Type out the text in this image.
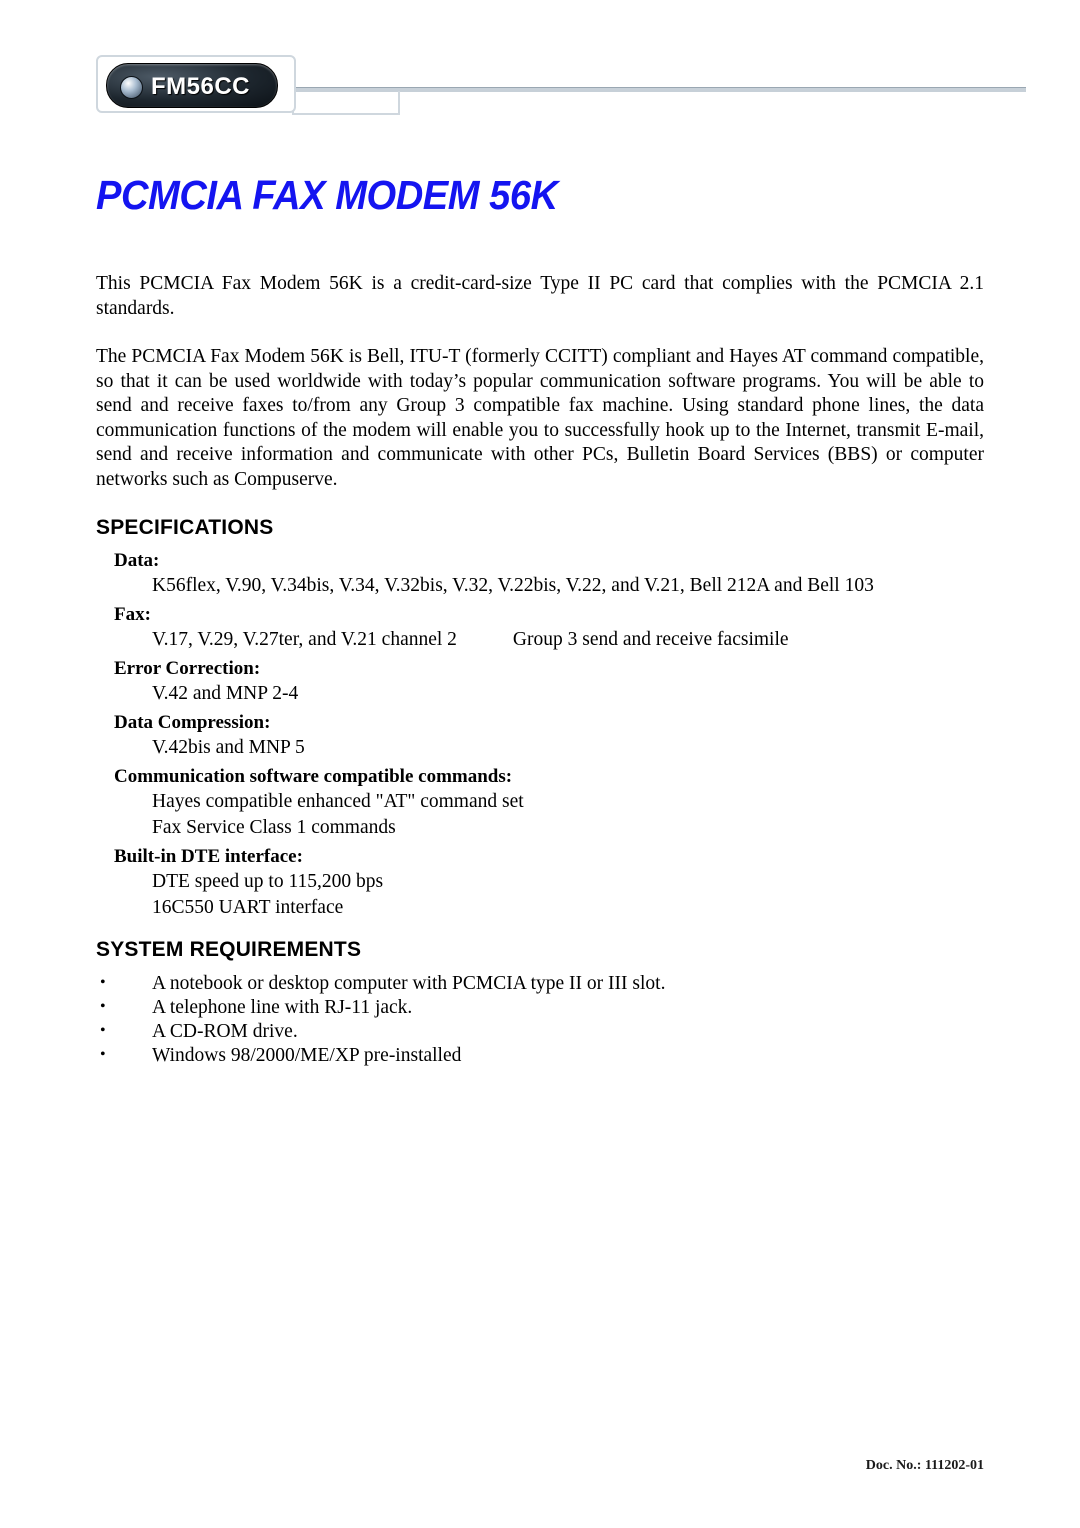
FM56CC
PCMCIA FAX MODEM 56K

This PCMCIA Fax Modem 56K is a credit-card-size Type II PC card that complies with the PCMCIA 2.1 standards.

The PCMCIA Fax Modem 56K is Bell, ITU-T (formerly CCITT) compliant and Hayes AT command compatible, so that it can be used worldwide with today’s popular communication software programs. You will be able to send and receive faxes to/from any Group 3 compatible fax machine. Using standard phone lines, the data communication functions of the modem will enable you to successfully hook up to the Internet, transmit E-mail, send and receive information and communicate with other PCs, Bulletin Board Services (BBS) or computer networks such as Compuserve.

SPECIFICATIONS
Data:
K56flex, V.90, V.34bis, V.34, V.32bis, V.32, V.22bis, V.22, and V.21, Bell 212A and Bell 103
Fax:
V.17, V.29, V.27ter, and V.21 channel 2	Group 3 send and receive facsimile
Error Correction:
V.42 and MNP 2-4
Data Compression:
V.42bis and MNP 5
Communication software compatible commands:
Hayes compatible enhanced "AT" command set
Fax Service Class 1 commands
Built-in DTE interface:
DTE speed up to 115,200 bps
16C550 UART interface
SYSTEM REQUIREMENTS
• A notebook or desktop computer with PCMCIA type II or III slot.
• A telephone line with RJ-11 jack.
• A CD-ROM drive.
• Windows 98/2000/ME/XP pre-installed
Doc. No.: 111202-01
